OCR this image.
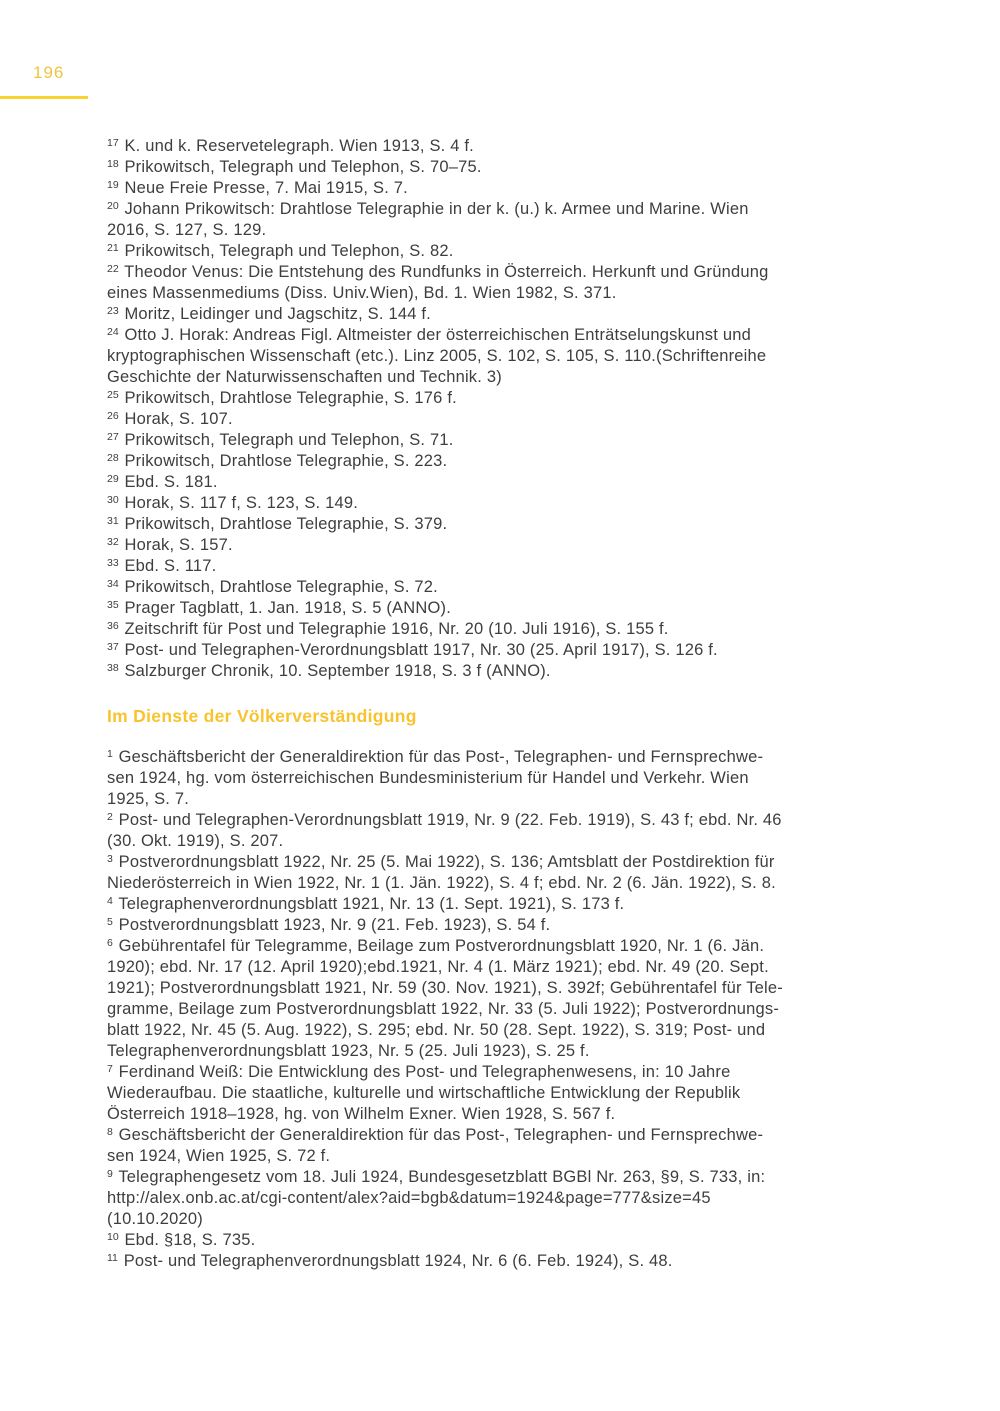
196

$^{17}$ K. und k. Reservetelegraph. Wien 1913, S. 4 f.

$^{18}$ Prikowitsch, Telegraph und Telephon, S. 70–75.

$^{19}$ Neue Freie Presse, 7. Mai 1915, S. 7.

$^{20}$ Johann Prikowitsch: Drahtlose Telegraphie in der k. (u.) k. Armee und Marine. Wien
2016, S. 127, S. 129.

$^{21}$ Prikowitsch, Telegraph und Telephon, S. 82.

$^{22}$ Theodor Venus: Die Entstehung des Rundfunks in Österreich. Herkunft und Gründung
eines Massenmediums (Diss. Univ.Wien), Bd. 1. Wien 1982, S. 371.

$^{23}$ Moritz, Leidinger und Jagschitz, S. 144 f.

$^{24}$ Otto J. Horak: Andreas Figl. Altmeister der österreichischen Enträtselungskunst und
kryptographischen Wissenschaft (etc.). Linz 2005, S. 102, S. 105, S. 110.(Schriftenreihe
Geschichte der Naturwissenschaften und Technik. 3)

$^{25}$ Prikowitsch, Drahtlose Telegraphie, S. 176 f.

$^{26}$ Horak, S. 107.

$^{27}$ Prikowitsch, Telegraph und Telephon, S. 71.

$^{28}$ Prikowitsch, Drahtlose Telegraphie, S. 223.

$^{29}$ Ebd. S. 181.

$^{30}$ Horak, S. 117 f, S. 123, S. 149.

$^{31}$ Prikowitsch, Drahtlose Telegraphie, S. 379.

$^{32}$ Horak, S. 157.

$^{33}$ Ebd. S. 117.

$^{34}$ Prikowitsch, Drahtlose Telegraphie, S. 72.

$^{35}$ Prager Tagblatt, 1. Jan. 1918, S. 5 (ANNO).

$^{36}$ Zeitschrift für Post und Telegraphie 1916, Nr. 20 (10. Juli 1916), S. 155 f.

$^{37}$ Post- und Telegraphen-Verordnungsblatt 1917, Nr. 30 (25. April 1917), S. 126 f.

$^{38}$ Salzburger Chronik, 10. September 1918, S. 3 f (ANNO).

Im Dienste der Völkerverständigung

$^1$ Geschäftsbericht der Generaldirektion für das Post-, Telegraphen- und Fernsprechwe-
sen 1924, hg. vom österreichischen Bundesministerium für Handel und Verkehr. Wien
1925, S. 7.

$^2$ Post- und Telegraphen-Verordnungsblatt 1919, Nr. 9 (22. Feb. 1919), S. 43 f; ebd. Nr. 46
(30. Okt. 1919), S. 207.

$^3$ Postverordnungsblatt 1922, Nr. 25 (5. Mai 1922), S. 136; Amtsblatt der Postdirektion für
Niederösterreich in Wien 1922, Nr. 1 (1. Jän. 1922), S. 4 f; ebd. Nr. 2 (6. Jän. 1922), S. 8.

$^4$ Telegraphenverordnungsblatt 1921, Nr. 13 (1. Sept. 1921), S. 173 f.

$^5$ Postverordnungsblatt 1923, Nr. 9 (21. Feb. 1923), S. 54 f.

$^6$ Gebührentafel für Telegramme, Beilage zum Postverordnungsblatt 1920, Nr. 1 (6. Jän.
1920); ebd. Nr. 17 (12. April 1920);ebd.1921, Nr. 4 (1. März 1921); ebd. Nr. 49 (20. Sept.
1921); Postverordnungsblatt 1921, Nr. 59 (30. Nov. 1921), S. 392f; Gebührentafel für Tele-
gramme, Beilage zum Postverordnungsblatt 1922, Nr. 33 (5. Juli 1922); Postverordnungs-
blatt 1922, Nr. 45 (5. Aug. 1922), S. 295; ebd. Nr. 50 (28. Sept. 1922), S. 319; Post- und
Telegraphenverordnungsblatt 1923, Nr. 5 (25. Juli 1923), S. 25 f.

$^7$ Ferdinand Weiß: Die Entwicklung des Post- und Telegraphenwesens, in: 10 Jahre
Wiederaufbau. Die staatliche, kulturelle und wirtschaftliche Entwicklung der Republik
Österreich 1918–1928, hg. von Wilhelm Exner. Wien 1928, S. 567 f.

$^8$ Geschäftsbericht der Generaldirektion für das Post-, Telegraphen- und Fernsprechwe-
sen 1924, Wien 1925, S. 72 f.

$^9$ Telegraphengesetz vom 18. Juli 1924, Bundesgesetzblatt BGBl Nr. 263, §9, S. 733, in:
http://alex.onb.ac.at/cgi-content/alex?aid=bgb&datum=1924&page=777&size=45
(10.10.2020)

$^{10}$ Ebd. §18, S. 735.

$^{11}$ Post- und Telegraphenverordnungsblatt 1924, Nr. 6 (6. Feb. 1924), S. 48.
